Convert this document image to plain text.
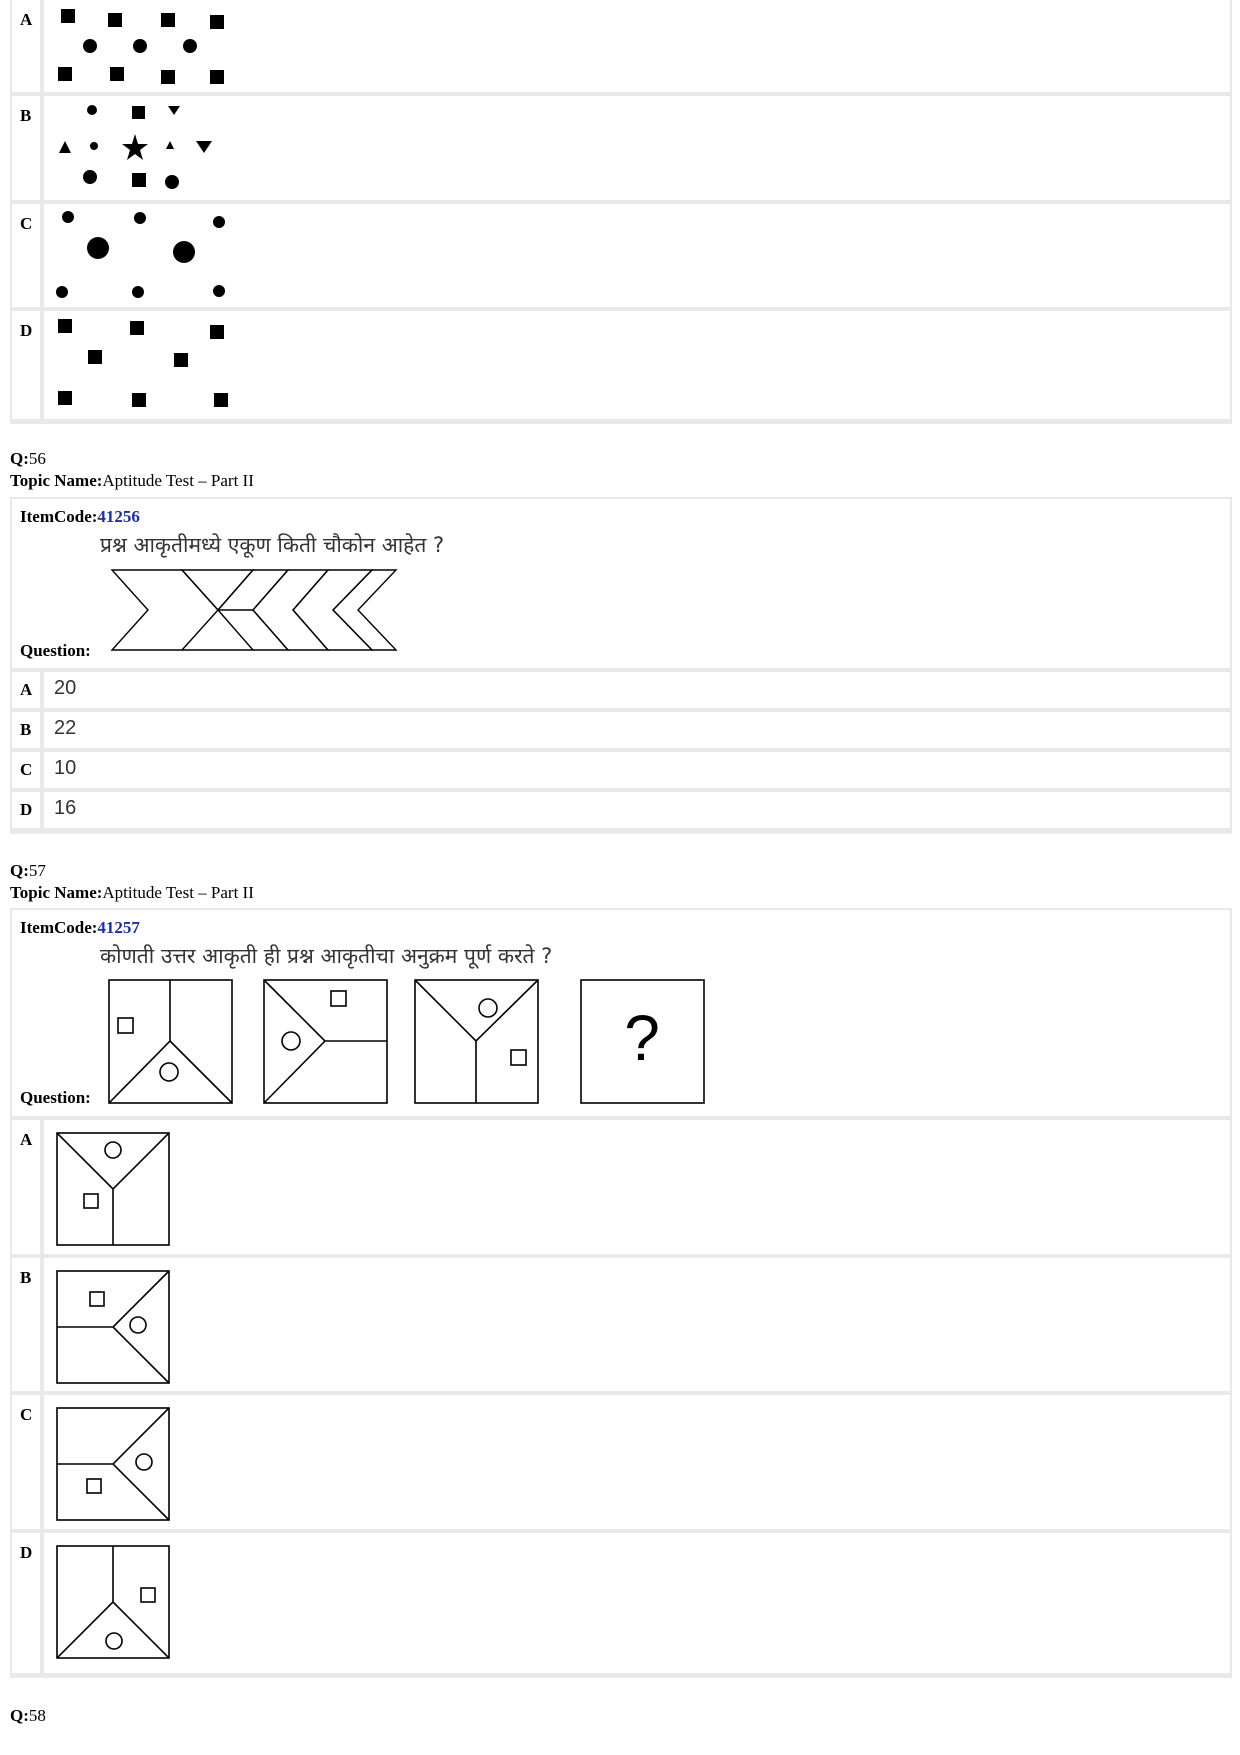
A
B
C
D
Q:56
Topic Name:Aptitude Test – Part II
ItemCode:41256
प्रश्न आकृतीमध्ये एकूण किती चौकोन आहेत ?
Question:
A 20
B 22
C 10
D 16
Q:57
Topic Name:Aptitude Test – Part II
ItemCode:41257
कोणती उत्तर आकृती ही प्रश्न आकृतीचा अनुक्रम पूर्ण करते ?
Question:
?
A
B
C
D
Q:58
